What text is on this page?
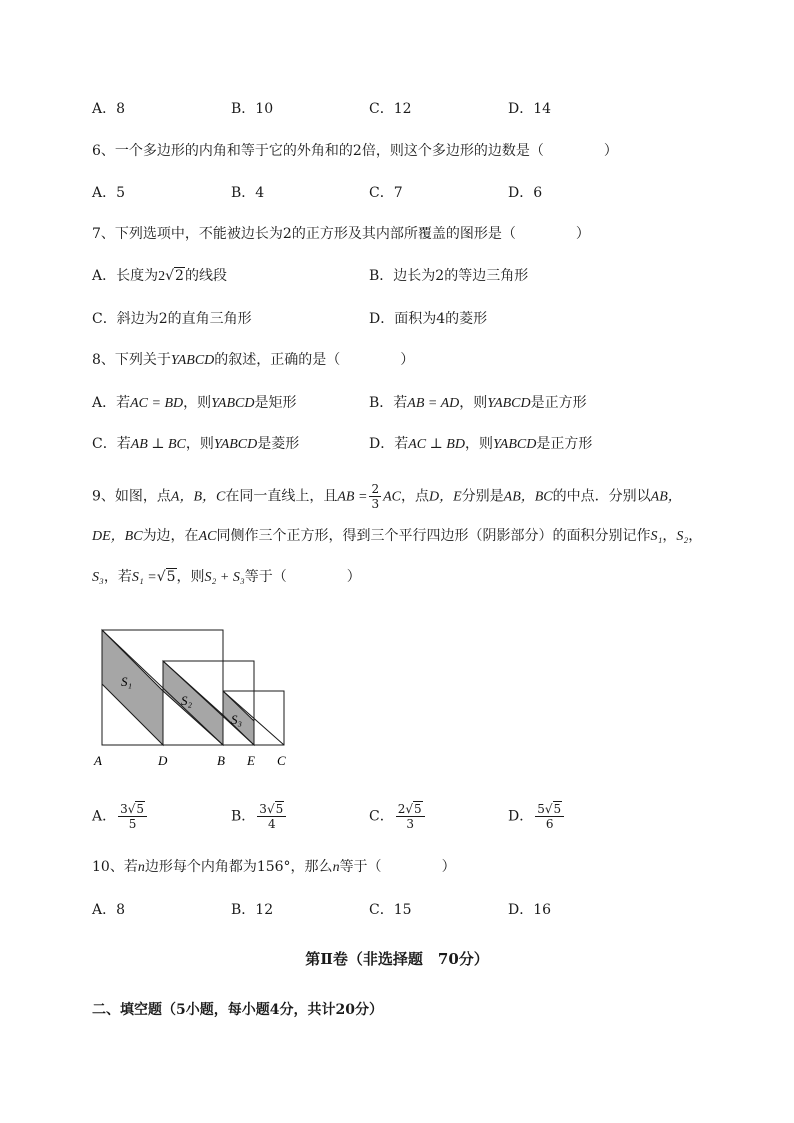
A．8	B．10	C．12	D．14
6、一个多边形的内角和等于它的外角和的2倍，则这个多边形的边数是（	）
A．5	B．4	C．7	D．6
7、下列选项中，不能被边长为2的正方形及其内部所覆盖的图形是（	）
A．长度为2√2的线段	B．边长为2的等边三角形
C．斜边为2的直角三角形	D．面积为4的菱形
8、下列关于YABCD的叙述，正确的是（	）
A．若AC = BD，则YABCD是矩形	B．若AB = AD，则YABCD是正方形
C．若AB ⊥ BC，则YABCD是菱形	D．若AC ⊥ BD，则YABCD是正方形
9、如图，点A，B，C在同一直线上，且AB = $\frac{2}{3}$ AC，点D，E分别是AB，BC的中点．分别以AB，
DE，BC为边，在AC同侧作三个正方形，得到三个平行四边形（阴影部分）的面积分别记作S₁，S₂，
S₃，若S₁ =√5，则S₂ + S₃等于（	）
S₁
S₂
S₃
A	D	B E C
A． $\frac{3√5}{5}$	B． $\frac{3√5}{4}$	C． $\frac{2√5}{3}$	D． $\frac{5√5}{6}$
10、若n边形每个内角都为156°，那么n等于（	）
A．8	B．12	C．15	D．16
第Ⅱ卷（非选择题　70分）
二、填空题（5小题，每小题4分，共计20分）
